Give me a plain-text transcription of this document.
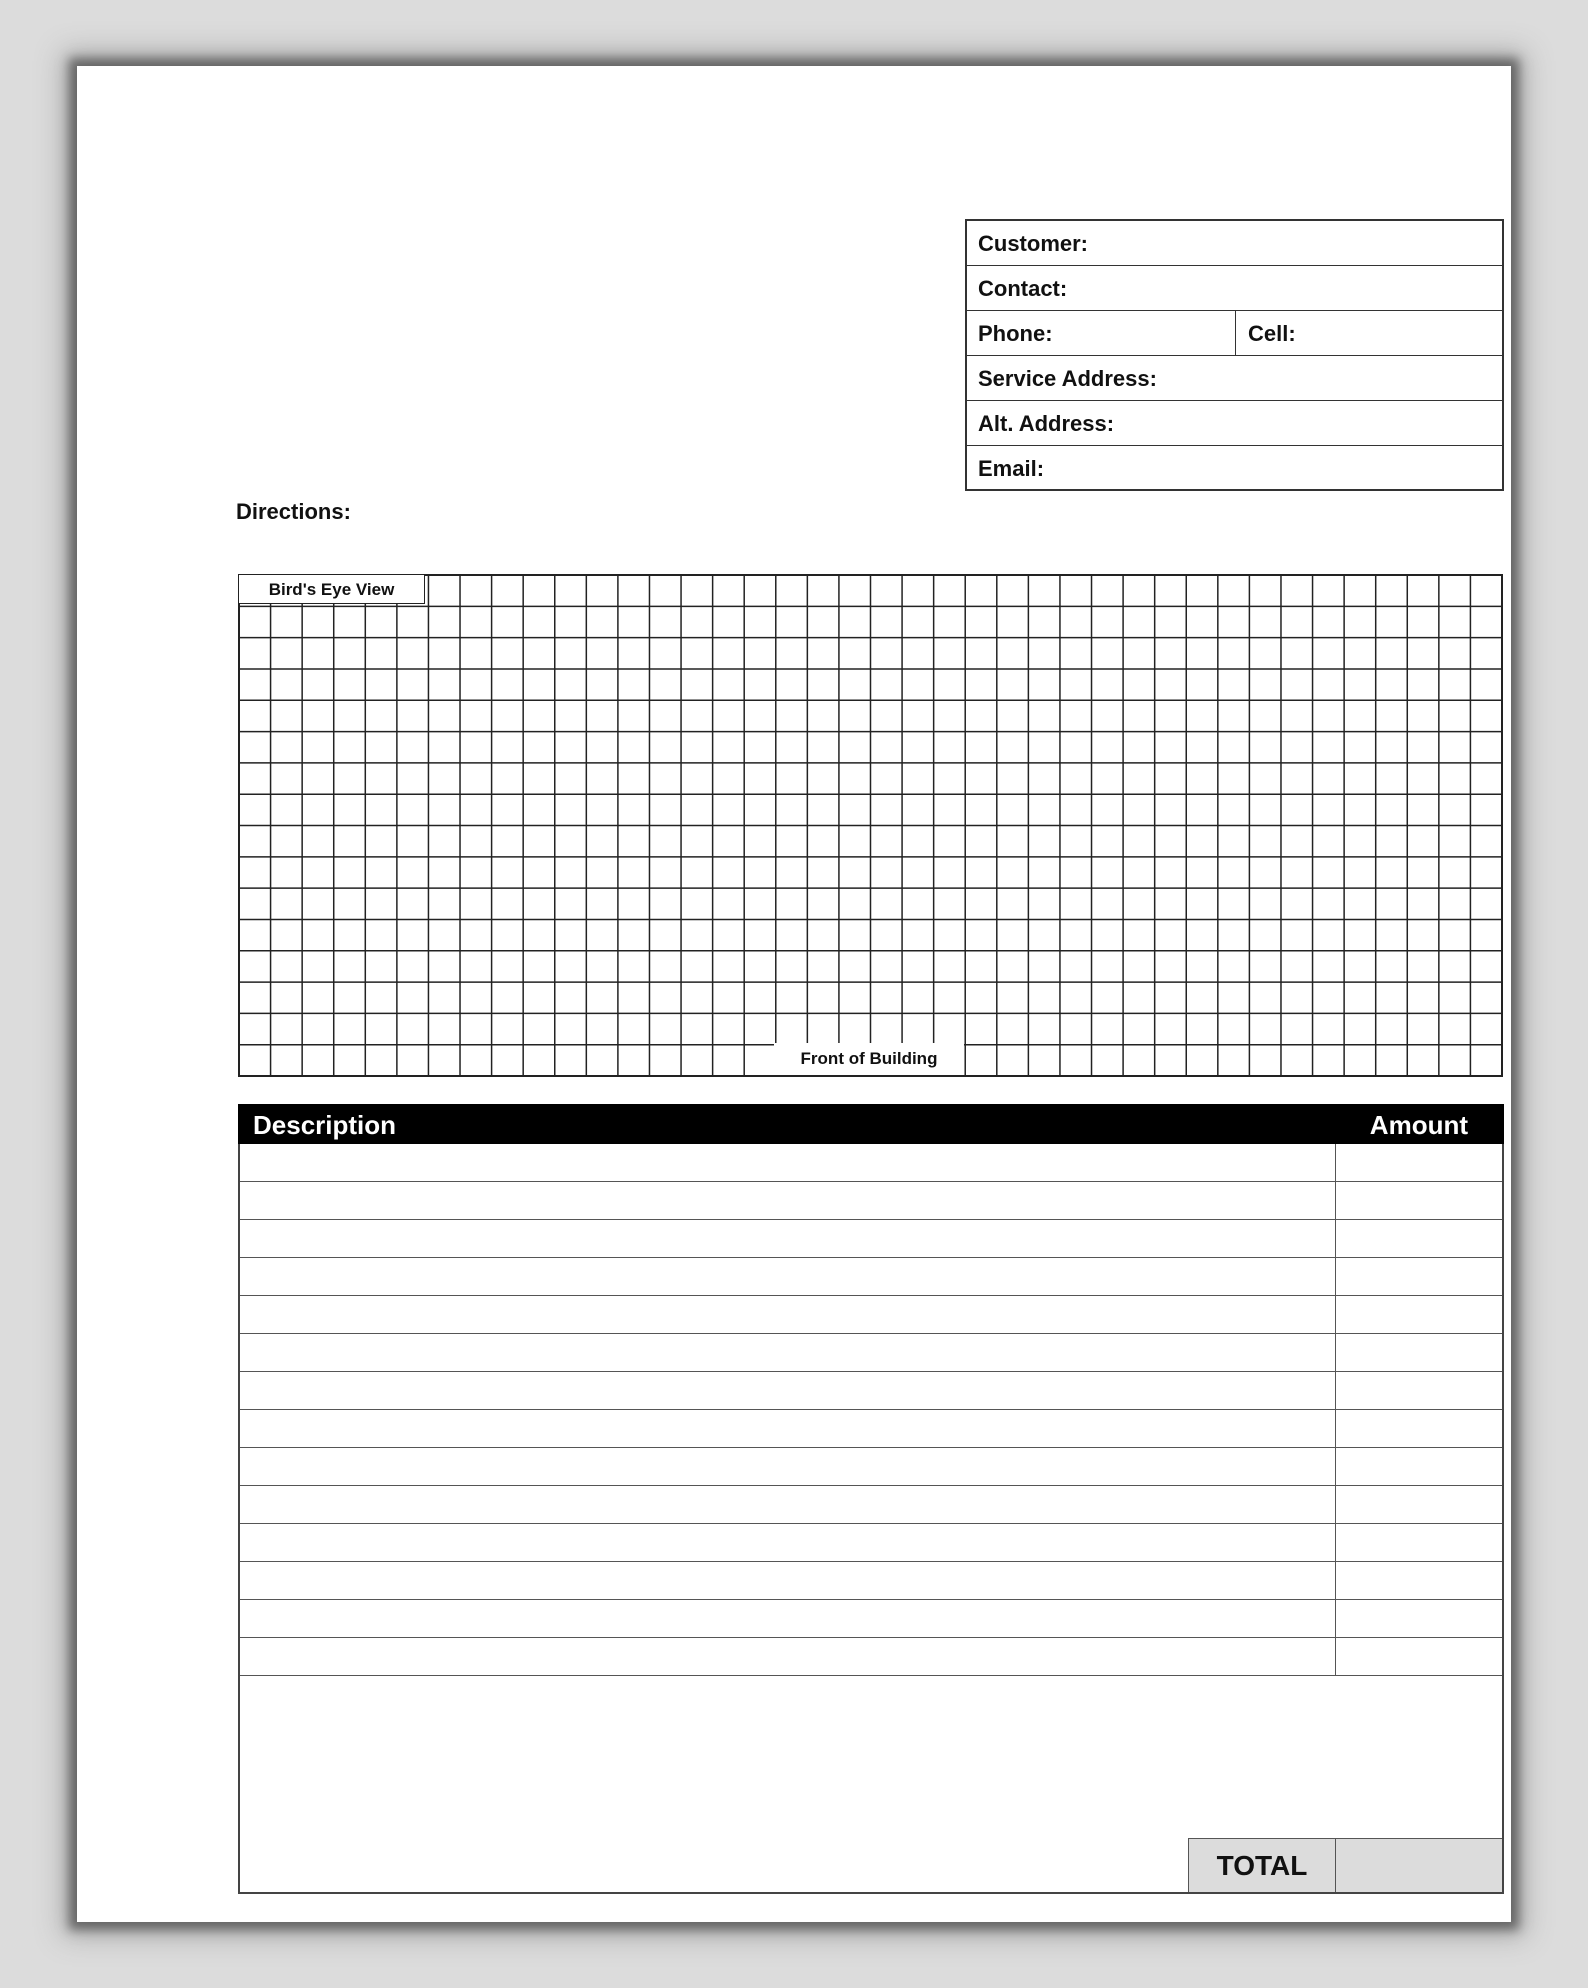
Customer:
Contact:
Phone:	Cell:
Service Address:
Alt. Address:
Email:
Directions:
Bird's Eye View
Front of Building
Description	Amount
TOTAL
